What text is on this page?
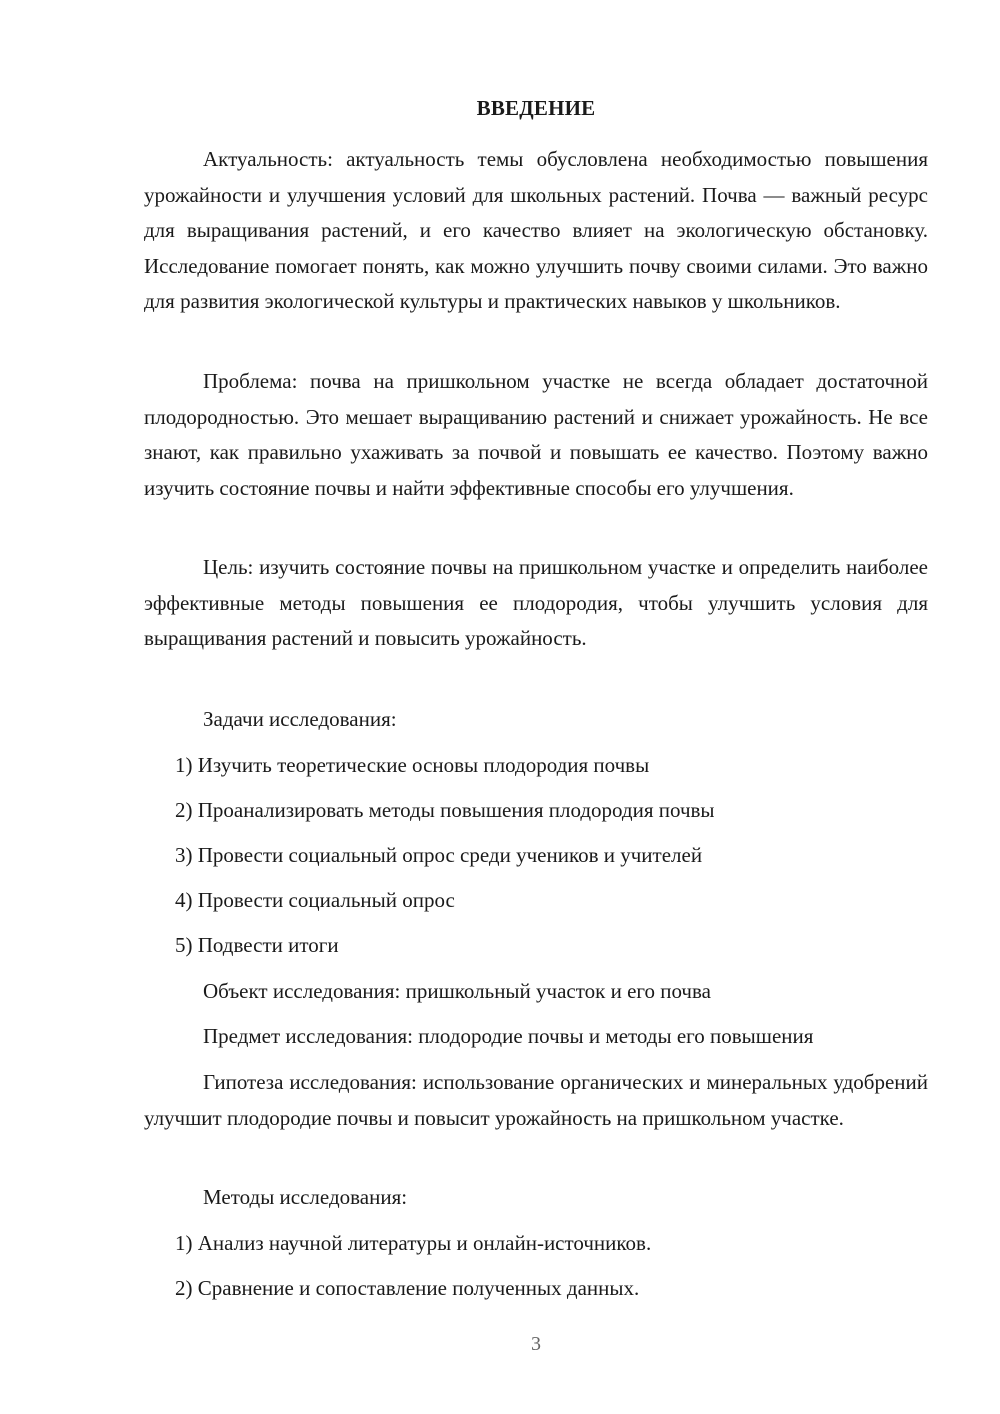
ВВЕДЕНИЕ

Актуальность: актуальность темы обусловлена необходимостью повышения урожайности и улучшения условий для школьных растений. Почва — важный ресурс для выращивания растений, и его качество влияет на экологическую обстановку. Исследование помогает понять, как можно улучшить почву своими силами. Это важно для развития экологической культуры и практических навыков у школьников.

Проблема: почва на пришкольном участке не всегда обладает достаточной плодородностью. Это мешает выращиванию растений и снижает урожайность. Не все знают, как правильно ухаживать за почвой и повышать ее качество. Поэтому важно изучить состояние почвы и найти эффективные способы его улучшения.

Цель: изучить состояние почвы на пришкольном участке и определить наиболее эффективные методы повышения ее плодородия, чтобы улучшить условия для выращивания растений и повысить урожайность.

Задачи исследования:

1) Изучить теоретические основы плодородия почвы

2) Проанализировать методы повышения плодородия почвы

3) Провести социальный опрос среди учеников и учителей

4) Провести социальный опрос

5) Подвести итоги

Объект исследования: пришкольный участок и его почва

Предмет исследования: плодородие почвы и методы его повышения

Гипотеза исследования: использование органических и минеральных удобрений улучшит плодородие почвы и повысит урожайность на пришкольном участке.

Методы исследования:

1) Анализ научной литературы и онлайн-источников.

2) Сравнение и сопоставление полученных данных.

3
